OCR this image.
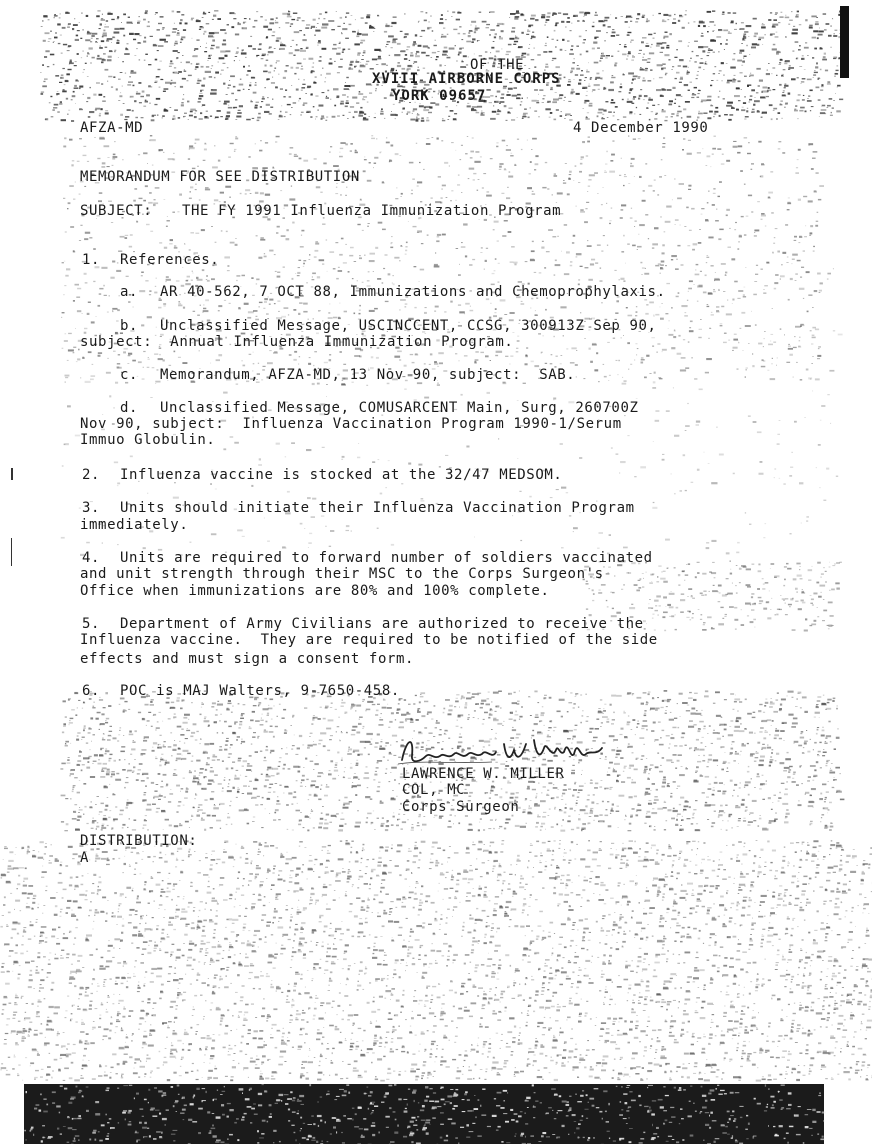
OF THE
XVIII AIRBORNE CORPS
YORK 09657
AFZA-MD	4 December 1990
MEMORANDUM FOR SEE DISTRIBUTION
SUBJECT: THE FY 1991 Influenza Immunization Program
1. References.
a. AR 40-562, 7 OCT 88, Immunizations and Chemoprophylaxis.
b. Unclassified Message, USCINCCENT, CCSG, 300913Z Sep 90,
subject:  Annual Influenza Immunization Program.
c. Memorandum, AFZA-MD, 13 Nov 90, subject:  SAB.
d. Unclassified Message, COMUSARCENT Main, Surg, 260700Z
Nov 90, subject:  Influenza Vaccination Program 1990-1/Serum
Immuo Globulin.
2. Influenza vaccine is stocked at the 32/47 MEDSOM.
3. Units should initiate their Influenza Vaccination Program
immediately.
4. Units are required to forward number of soldiers vaccinated
and unit strength through their MSC to the Corps Surgeon's
Office when immunizations are 80% and 100% complete.
5. Department of Army Civilians are authorized to receive the
Influenza vaccine.  They are required to be notified of the side
effects and must sign a consent form.
6. POC is MAJ Walters, 9-7650-458.
LAWRENCE W. MILLER
COL, MC
Corps Surgeon
DISTRIBUTION:
A
